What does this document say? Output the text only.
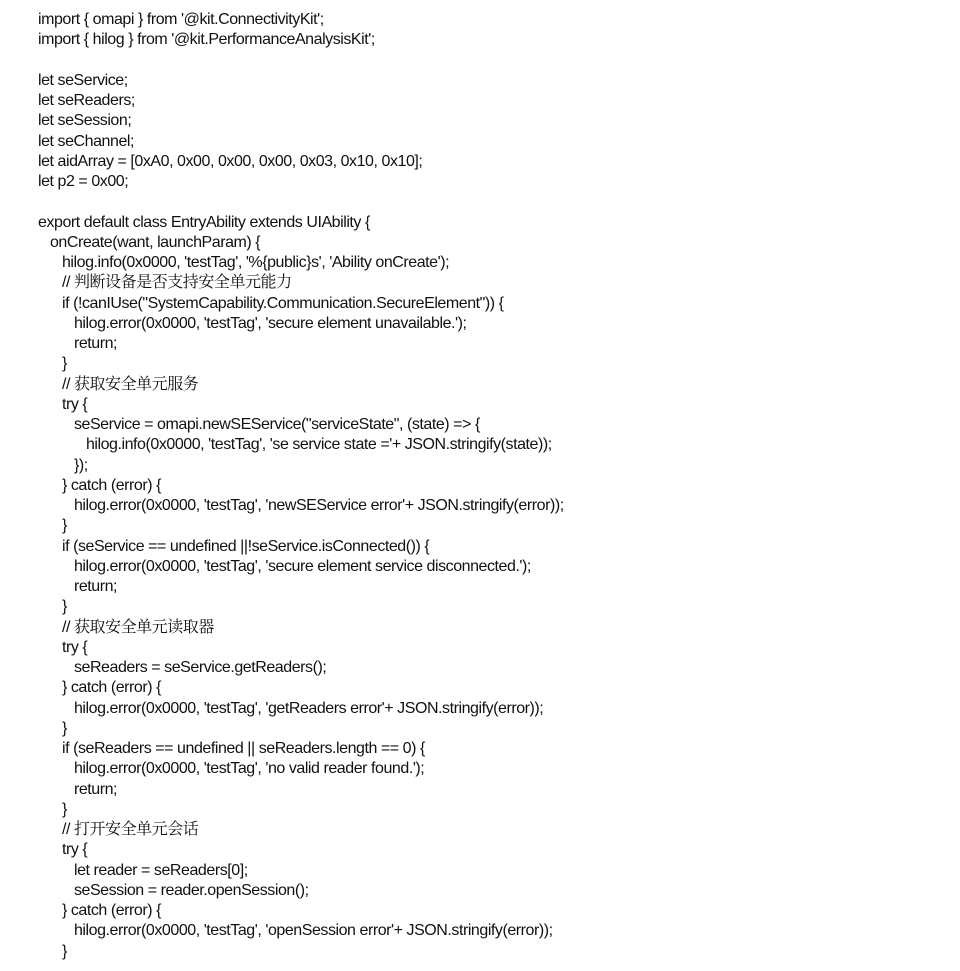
import { omapi } from '@kit.ConnectivityKit';
import { hilog } from '@kit.PerformanceAnalysisKit';
let seService;
let seReaders;
let seSession;
let seChannel;
let aidArray = [0xA0, 0x00, 0x00, 0x00, 0x03, 0x10, 0x10];
let p2 = 0x00;
export default class EntryAbility extends UIAbility {
onCreate(want, launchParam) {
hilog.info(0x0000, 'testTag', '%{public}s', 'Ability onCreate');
// 判断设备是否支持安全单元能力
if (!canIUse("SystemCapability.Communication.SecureElement")) {
hilog.error(0x0000, 'testTag', 'secure element unavailable.');
return;
}
// 获取安全单元服务
try {
seService = omapi.newSEService("serviceState", (state) => {
hilog.info(0x0000, 'testTag', 'se service state ='+ JSON.stringify(state));
});
} catch (error) {
hilog.error(0x0000, 'testTag', 'newSEService error'+ JSON.stringify(error));
}
if (seService == undefined ||!seService.isConnected()) {
hilog.error(0x0000, 'testTag', 'secure element service disconnected.');
return;
}
// 获取安全单元读取器
try {
seReaders = seService.getReaders();
} catch (error) {
hilog.error(0x0000, 'testTag', 'getReaders error'+ JSON.stringify(error));
}
if (seReaders == undefined || seReaders.length == 0) {
hilog.error(0x0000, 'testTag', 'no valid reader found.');
return;
}
// 打开安全单元会话
try {
let reader = seReaders[0];
seSession = reader.openSession();
} catch (error) {
hilog.error(0x0000, 'testTag', 'openSession error'+ JSON.stringify(error));
}
